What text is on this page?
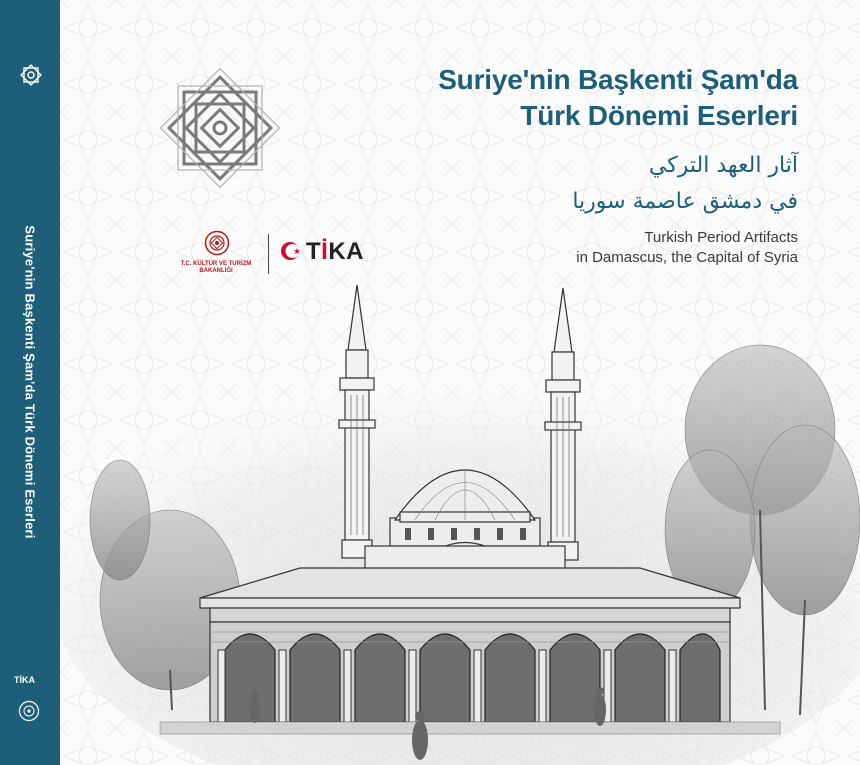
Suriye'nin Başkenti Şam'da Türk Dönemi Eserleri
TİKA
Suriye'nin Başkenti Şam'da
Türk Dönemi Eserleri
آثار العهد التركي
في دمشق عاصمة سوريا
Turkish Period Artifacts
in Damascus, the Capital of Syria
T.C. KÜLTÜR VE TURİZM
BAKANLIĞI
TİKA
